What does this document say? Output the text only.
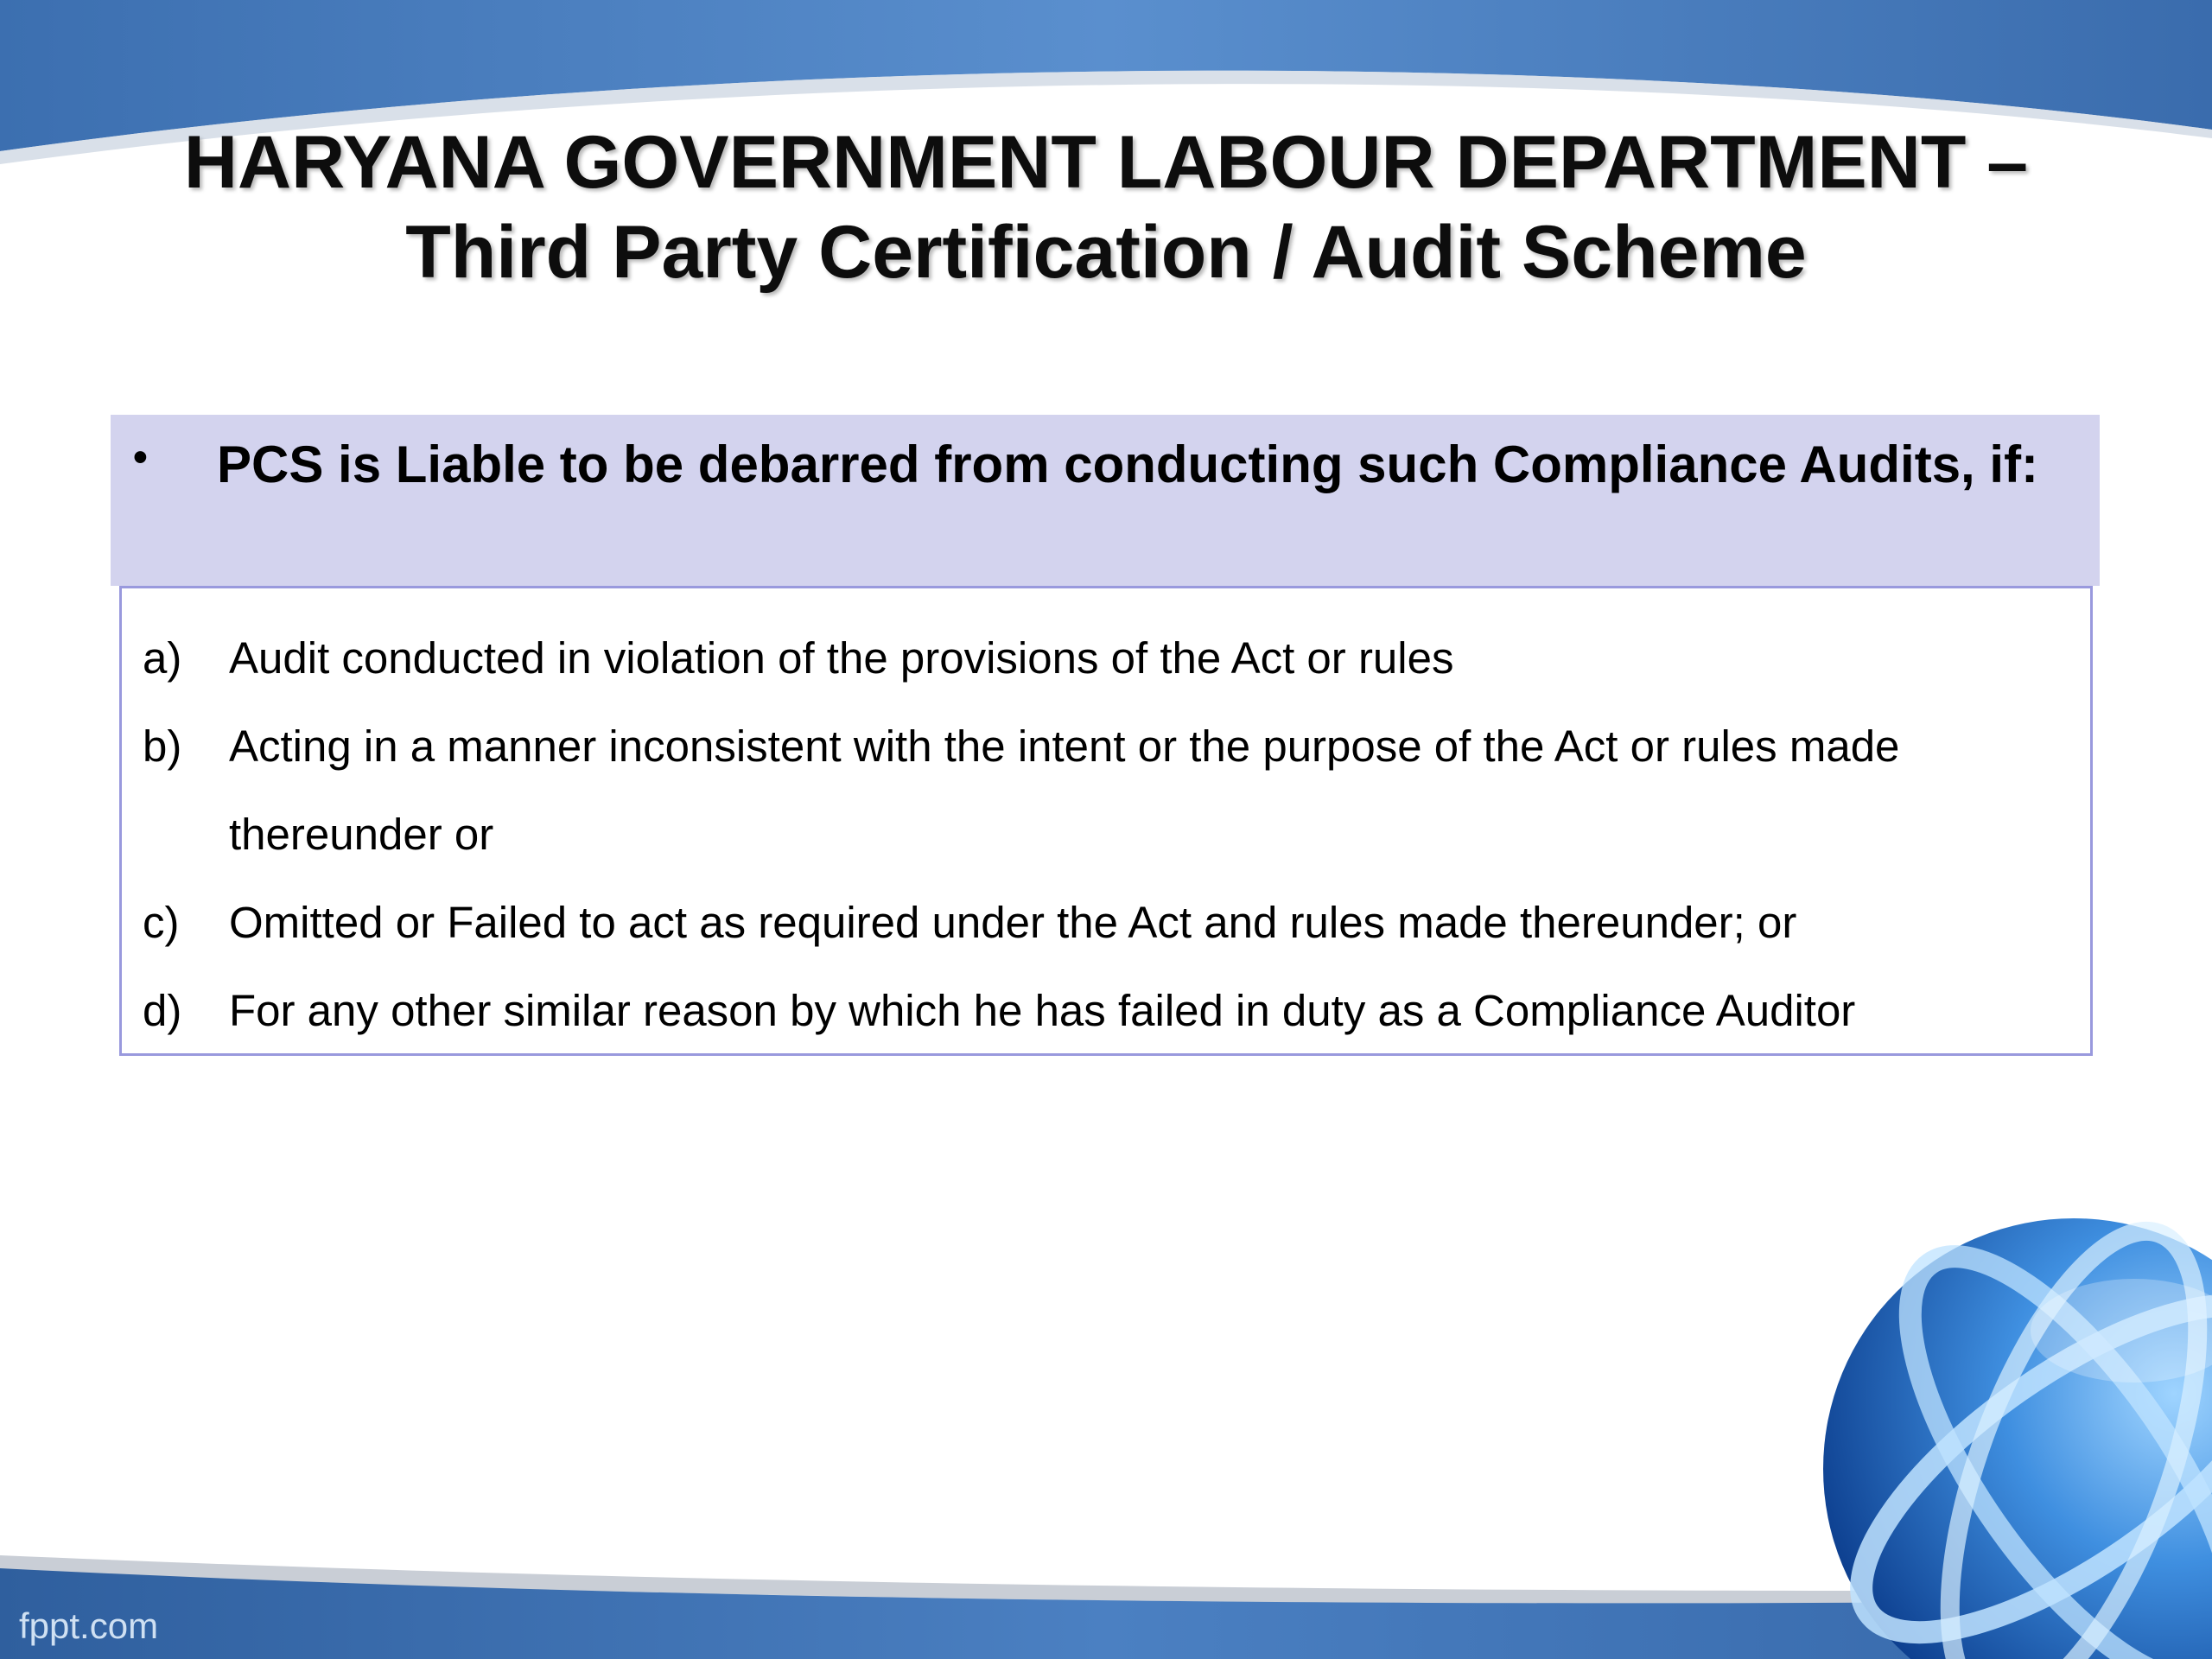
HARYANA GOVERNMENT LABOUR DEPARTMENT –
Third Party Certification / Audit Scheme
• PCS is Liable to be debarred from conducting such Compliance Audits, if:
a) Audit conducted in violation of the provisions of the Act or rules
b) Acting in a manner inconsistent with the intent or the purpose of the Act or rules made thereunder or
c) Omitted or Failed to act as required under the Act and rules made thereunder; or
d) For any other similar reason by which he has failed in duty as a Compliance Auditor
fppt.com
